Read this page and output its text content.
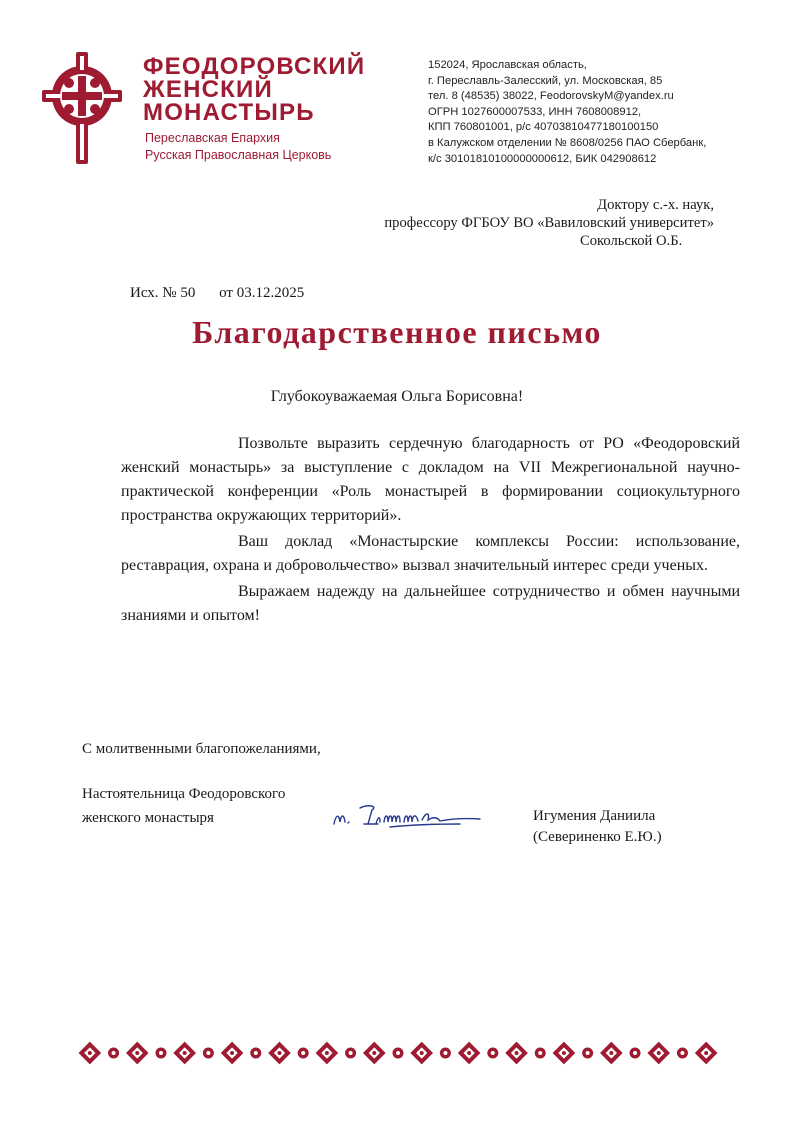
ФЕОДОРОВСКИЙ
ЖЕНСКИЙ
МОНАСТЫРЬ
Переславская Епархия
Русская Православная Церковь
152024, Ярославская область,
г. Переславль-Залесский, ул. Московская, 85
тел. 8 (48535) 38022, FeodorovskyM@yandex.ru
ОГРН 1027600007533, ИНН 7608008912,
КПП 760801001, р/с 40703810477180100150
в Калужском отделении № 8608/0256 ПАО Сбербанк,
к/с 30101810100000000612, БИК 042908612
Доктору с.-х. наук,
профессору ФГБОУ ВО «Вавиловский университет»
Сокольской О.Б.
Исх. № 50 от 03.12.2025
Благодарственное письмо
Глубокоуважаемая Ольга Борисовна!

Позвольте выразить сердечную благодарность от РО «Феодоровский женский монастырь» за выступление с докладом на VII Межрегиональной научно-практической конференции «Роль монастырей в формировании социокультурного пространства окружающих территорий».

Ваш доклад «Монастырские комплексы России: использование, реставрация, охрана и добровольчество» вызвал значительный интерес среди ученых.

Выражаем надежду на дальнейшее сотрудничество и обмен научными знаниями и опытом!

С молитвенными благопожеланиями,
Настоятельница Феодоровского
женского монастыря	Игумения Даниила
(Севериненко Е.Ю.)
